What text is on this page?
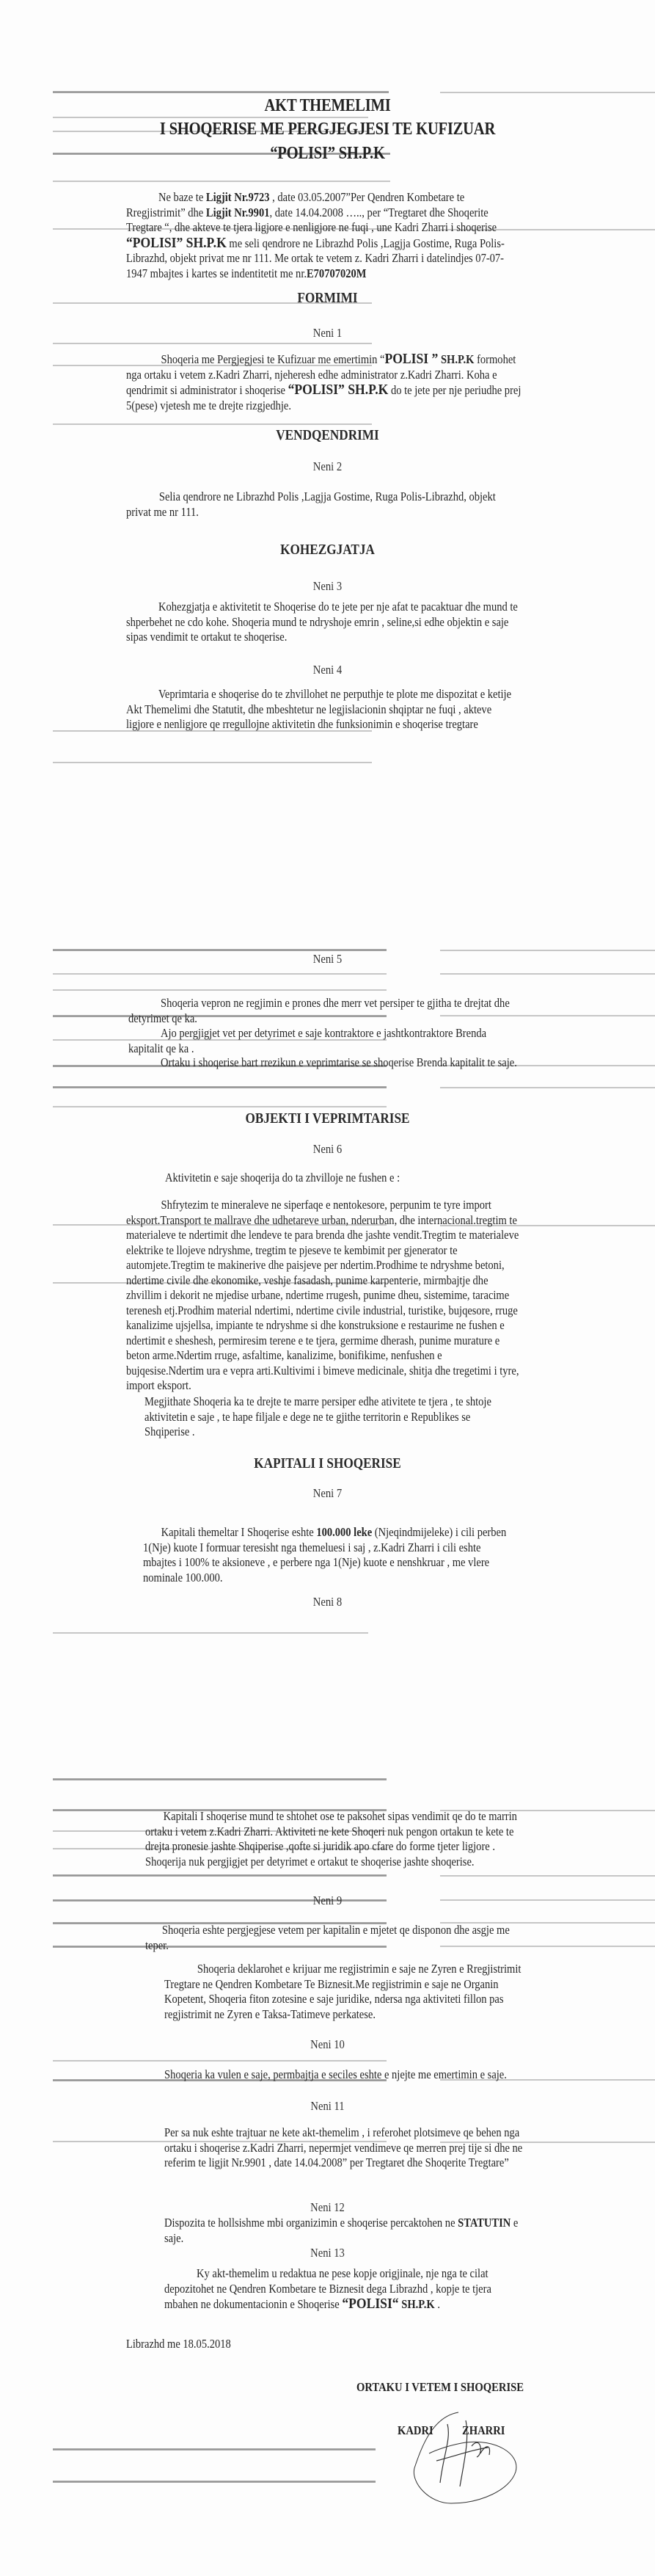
AKT THEMELIMI
I SHOQERISE ME PERGJEGJESI TE KUFIZUAR
“POLISI” SH.P.K
Ne baze te Ligjit Nr.9723 , date 03.05.2007”Per Qendren Kombetare te Rregjistrimit” dhe Ligjit Nr.9901, date 14.04.2008 ….., per “Tregtaret dhe Shoqerite Tregtare “, dhe akteve te tjera ligjore e nenligjore ne fuqi , une Kadri Zharri i shoqerise “POLISI” SH.P.K me seli qendrore ne Librazhd Polis ,Lagjja Gostime, Ruga Polis-Librazhd, objekt privat me nr 111. Me ortak te vetem z. Kadri Zharri i datelindjes 07-07-1947 mbajtes i kartes se indentitetit me nr.E70707020M
FORMIMI
Neni 1
Shoqeria me Pergjegjesi te Kufizuar me emertimin “POLISI ” SH.P.K formohet nga ortaku i vetem z.Kadri Zharri, njeheresh edhe administrator z.Kadri Zharri. Koha e qendrimit si administrator i shoqerise “POLISI” SH.P.K do te jete per nje periudhe prej 5(pese) vjetesh me te drejte rizgjedhje.
VENDQENDRIMI
Neni 2
Selia qendrore ne Librazhd Polis ,Lagjja Gostime, Ruga Polis-Librazhd, objekt privat me nr 111.
KOHEZGJATJA
Neni 3
Kohezgjatja e aktivitetit te Shoqerise do te jete per nje afat te pacaktuar dhe mund te shperbehet ne cdo kohe. Shoqeria mund te ndryshoje emrin , seline,si edhe objektin e saje sipas vendimit te ortakut te shoqerise.
Neni 4
Veprimtaria e shoqerise do te zhvillohet ne perputhje te plote me dispozitat e ketije Akt Themelimi dhe Statutit, dhe mbeshtetur ne legjislacionin shqiptar ne fuqi , akteve ligjore e nenligjore qe rregullojne aktivitetin dhe funksionimin e shoqerise tregtare
Neni 5
Shoqeria vepron ne regjimin e prones dhe merr vet persiper te gjitha te drejtat dhe detyrimet qe ka.
Ajo pergjigjet vet per detyrimet e saje kontraktore e jashtkontraktore Brenda kapitalit qe ka .
Ortaku i shoqerise bart rrezikun e veprimtarise se shoqerise Brenda kapitalit te saje.
OBJEKTI I VEPRIMTARISE
Neni 6
Aktivitetin e saje shoqerija do ta zhvilloje ne fushen e :
Shfrytezim te mineraleve ne siperfaqe e nentokesore, perpunim te tyre import eksport.Transport te mallrave dhe udhetareve urban, nderurban, dhe internacional.tregtim te materialeve te ndertimit dhe lendeve te para brenda dhe jashte vendit.Tregtim te materialeve elektrike te llojeve ndryshme, tregtim te pjeseve te kembimit per gjenerator te automjete.Tregtim te makinerive dhe paisjeve per ndertim.Prodhime te ndryshme betoni, ndertime civile dhe ekonomike, veshje fasadash, punime karpenterie, mirmbajtje dhe zhvillim i dekorit ne mjedise urbane, ndertime rrugesh, punime dheu, sistemime, taracime terenesh etj.Prodhim material ndertimi, ndertime civile industrial, turistike, bujqesore, rruge kanalizime ujsjellsa, impiante te ndryshme si dhe konstruksione e restaurime ne fushen e ndertimit e sheshesh, permiresim terene e te tjera, germime dherash, punime murature e beton arme.Ndertim rruge, asfaltime, kanalizime, bonifikime, nenfushen e bujqesise.Ndertim ura e vepra arti.Kultivimi i bimeve medicinale, shitja dhe tregetimi i tyre, import eksport.
Megjithate Shoqeria ka te drejte te marre persiper edhe ativitete te tjera , te shtoje aktivitetin e saje , te hape filjale e dege ne te gjithe territorin e Republikes se Shqiperise .
KAPITALI I SHOQERISE
Neni 7
Kapitali themeltar I Shoqerise eshte 100.000 leke (Njeqindmijeleke) i cili perben 1(Nje) kuote I formuar teresisht nga themeluesi i saj , z.Kadri Zharri i cili eshte mbajtes i 100% te aksioneve , e perbere nga 1(Nje) kuote e nenshkruar , me vlere nominale 100.000.
Neni 8
Kapitali I shoqerise mund te shtohet ose te paksohet sipas vendimit qe do te marrin ortaku i vetem z.Kadri Zharri. Aktiviteti ne kete Shoqeri nuk pengon ortakun te kete te drejta pronesie jashte Shqiperise ,qofte si juridik apo cfare do forme tjeter ligjore . Shoqerija nuk pergjigjet per detyrimet e ortakut te shoqerise jashte shoqerise.
Neni 9
Shoqeria eshte pergjegjese vetem per kapitalin e mjetet qe disponon dhe asgje me teper.
Shoqeria deklarohet e krijuar me regjistrimin e saje ne Zyren e Rregjistrimit Tregtare ne Qendren Kombetare Te Biznesit.Me regjistrimin e saje ne Organin Kopetent, Shoqeria fiton zotesine e saje juridike, ndersa nga aktiviteti fillon pas regjistrimit ne Zyren e Taksa-Tatimeve perkatese.
Neni 10
Shoqeria ka vulen e saje, permbajtja e seciles eshte e njejte me emertimin e saje.
Neni 11
Per sa nuk eshte trajtuar ne kete akt-themelim , i referohet plotsimeve qe behen nga ortaku i shoqerise z.Kadri Zharri, nepermjet vendimeve qe merren prej tije si dhe ne referim te ligjit Nr.9901 , date 14.04.2008” per Tregtaret dhe Shoqerite Tregtare”
Neni 12
Dispozita te hollsishme mbi organizimin e shoqerise percaktohen ne STATUTIN e saje.
Neni 13
Ky akt-themelim u redaktua ne pese kopje origjinale, nje nga te cilat depozitohet ne Qendren Kombetare te Biznesit dega Librazhd , kopje te tjera mbahen ne dokumentacionin e Shoqerise “POLISI“ SH.P.K .
Librazhd me 18.05.2018
ORTAKU I VETEM I SHOQERISE
KADRI ZHARRI
